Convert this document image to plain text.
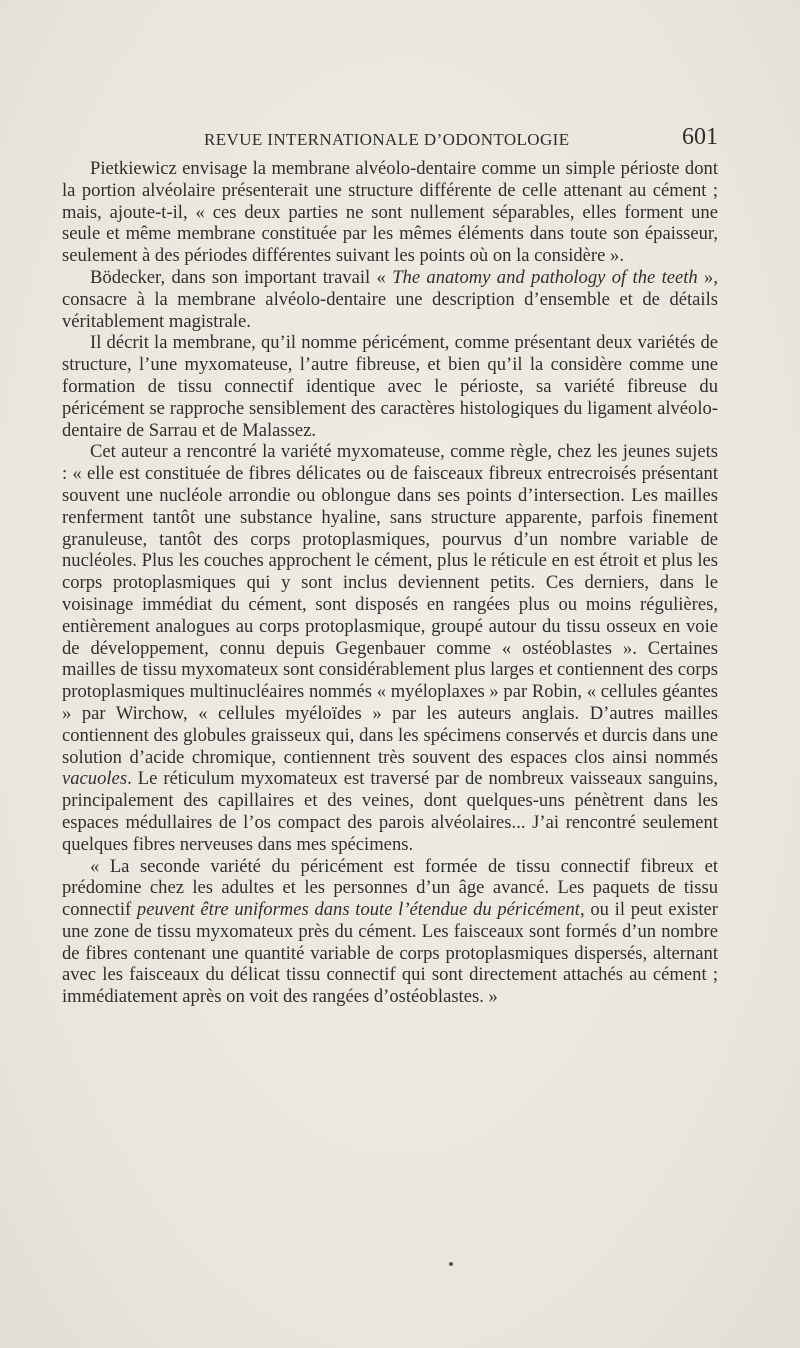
REVUE INTERNATIONALE D’ODONTOLOGIE	601

Pietkiewicz envisage la membrane alvéolo-dentaire comme un simple périoste dont la portion alvéolaire présenterait une structure différente de celle attenant au cément ; mais, ajoute-t-il, « ces deux parties ne sont nullement séparables, elles forment une seule et même membrane constituée par les mêmes éléments dans toute son épaisseur, seulement à des périodes différentes suivant les points où on la considère ».

Bödecker, dans son important travail « The anatomy and pathology of the teeth », consacre à la membrane alvéolo-dentaire une description d’ensemble et de détails véritablement magistrale.

Il décrit la membrane, qu’il nomme péricément, comme présentant deux variétés de structure, l’une myxomateuse, l’autre fibreuse, et bien qu’il la considère comme une formation de tissu connectif identique avec le périoste, sa variété fibreuse du péricément se rapproche sensiblement des caractères histologiques du ligament alvéolo-dentaire de Sarrau et de Malassez.

Cet auteur a rencontré la variété myxomateuse, comme règle, chez les jeunes sujets : « elle est constituée de fibres délicates ou de faisceaux fibreux entrecroisés présentant souvent une nucléole arrondie ou oblongue dans ses points d’intersection. Les mailles renferment tantôt une substance hyaline, sans structure apparente, parfois finement granuleuse, tantôt des corps protoplasmiques, pourvus d’un nombre variable de nucléoles. Plus les couches approchent le cément, plus le réticule en est étroit et plus les corps protoplasmiques qui y sont inclus deviennent petits. Ces derniers, dans le voisinage immédiat du cément, sont disposés en rangées plus ou moins régulières, entièrement analogues au corps protoplasmique, groupé autour du tissu osseux en voie de développement, connu depuis Gegenbauer comme « ostéoblastes ». Certaines mailles de tissu myxomateux sont considérablement plus larges et contiennent des corps protoplasmiques multinucléaires nommés « myéloplaxes » par Robin, « cellules géantes » par Wirchow, « cellules myéloïdes » par les auteurs anglais. D’autres mailles contiennent des globules graisseux qui, dans les spécimens conservés et durcis dans une solution d’acide chromique, contiennent très souvent des espaces clos ainsi nommés vacuoles. Le réticulum myxomateux est traversé par de nombreux vaisseaux sanguins, principalement des capillaires et des veines, dont quelques-uns pénètrent dans les espaces médullaires de l’os compact des parois alvéolaires... J’ai rencontré seulement quelques fibres nerveuses dans mes spécimens.

« La seconde variété du péricément est formée de tissu connectif fibreux et prédomine chez les adultes et les personnes d’un âge avancé. Les paquets de tissu connectif peuvent être uniformes dans toute l’étendue du péricément, ou il peut exister une zone de tissu myxomateux près du cément. Les faisceaux sont formés d’un nombre de fibres contenant une quantité variable de corps protoplasmiques dispersés, alternant avec les faisceaux du délicat tissu connectif qui sont directement attachés au cément ; immédiatement après on voit des rangées d’ostéoblastes. »
